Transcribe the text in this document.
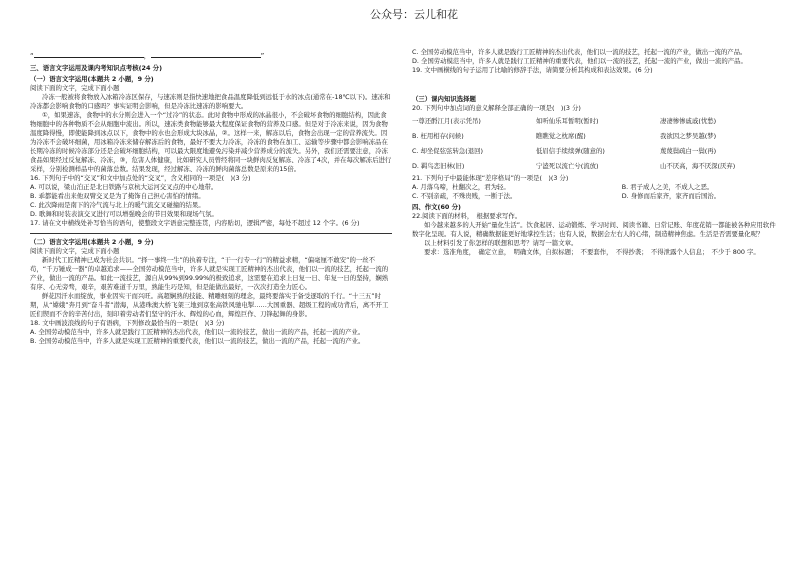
公众号：云儿和花
“	，	”

三、语言文字运用及课内考知识点考核(24 分)

（一）语言文字运用(本题共 2 小题，9 分)

阅读下面的文字，完成下面小题

冷冻一般被将食物放入冰箱冷冻区保存，与速冻则是指快速地把食品温度降低到远低于水的冰点(通常在-18℃以下)。速冻和冷冻都会影响食物的口感吗？事实证明会影响，但是冷冻比速冻的影响要大。

①，如果速冻，食物中的水分则会进入一个“过冷”的状态。此时食物中形成的冰晶很小，不会破坏食物的细胞结构，因此食物细胞中的各种物质不会从细胞中流出。所以，速冻类食物能够最大程度保证食物的营养及口感。但是对于冷冻来说，因为食物温度降得慢，即使能降到冰点以下，食物中的水也会形成大块冰晶，②。这样一来，解冻以后，食物会出现一定的营养流失。因为冷冻不会破坏细菌，用冰箱冷冻来储存解冻后的食物，最好不要大力冷冻，冷冻的食物在加工、运输等步骤中都会影响冻品在长期冷冻的时候冷冻部分还是会破坏细胞结构，可以最大限度地避免污染并减少营养成分的流失。另外，我们还需要注意，冷冻食品如果经过反复解冻、冷冻，③，危害人体健康，比如研究人员曾经将同一块鲜肉反复解冻、冷冻了4次，并在每次解冻后进行采样，分别检测样品中的菌落总数。结果发现，经过解冻、冷冻的鲜肉菌落总数是原来的15倍。

16. 下列句子中的“交叉”和文中加点处的“交叉”，含义相同的一项是(　)(3 分)

A. 可以说，梁山泊正是北日铁路与京杭大运河交叉点的中心地带。

B. 乖都能看出来他双臂交叉是为了掩饰自己担心害怕的情绪。

C. 此次降雨是南下的冷气流与北上的暖气流交叉碰撞的结果。

D. 歌舞和时装表演交叉进行可以增强晚会的节目效果和现场气氛。

17. 请在文中横线处补写恰当的语句，使整段文字语意完整连贯，内容贴切，逻辑严密，每处不超过 12 个字。(6 分)

（二）语言文字运用(本题共 2 小题，9 分)

阅读下面的文字，完成下面小题

新时代工匠精神已成为社会共识。“择一事终一生”的执着专注，“干一行专一行”的精益求精，“偏毫厘不敢安”的一丝不苟，“千万锤成一器”的卓越追求——全国劳动模范当中，许多人就是实现工匠精神的杰出代表，他们以一流的技艺，托起一流的产业，做出一流的产品。如此一流技艺，源自从99%到99.99%的极致追求，这需要在追求上日复一日、年复一日的坚持，娴熟有序、心无旁骛，艰辛，艰苦难道千万里，熟能生巧是知，但是能做出最好，一次次打造全力匠心。

鲜花因汗水而绽放，事业因实干而兴旺。高超娴熟的技能、精雕细刻的理念，最终要落实于备受逐取的千行。“十三五”时期，从“嫦娥”奔月到“奋斗者”潜海，从港珠澳大桥飞架三地到京张高铁风驰电掣……大国重器、超级工程的成功背后，离不开工匠们锲而不舍的辛苦付出，刻印着劳动者们坚守的汗水、辉煌的心血，辉煌巨作、刀锋起舞的身影。

18. 文中画波浪线的句子有语病，下列修改最恰当的一项是(　)(3 分)

A. 全国劳动模范当中，许多人就是践行工匠精神的杰出代表，他们以一流的技艺，做出一流的产品，托起一流的产业。

B. 全国劳动模范当中，许多人就是实现工匠精神的重要代表，他们以一流的技艺，做出一流的产品，托起一流的产业。

C. 全国劳动模范当中，许多人就是践行工匠精神的杰出代表，他们以一流的技艺，托起一流的产业，做出一流的产品。

D. 全国劳动模范当中，许多人就是践行工匠精神的重要代表，他们以一流的技艺，托起一流的产业，做出一流的产品。

19. 文中画横线的句子运用了比喻的修辞手法，请简要分析其构成和表达效果。(6 分)

（三）课内知识选择题

20. 下列句中加点词的意义解释全部正确的一项是(　)(3 分)

一尊还酹江月(表示凭吊)	如听仙乐耳暂明(暂时)	凄凄惨惨戚戚(忧愁)
B. 枉用相存(问候)	瞧瞧觉之枕席(醒)	我欲因之梦吴越(梦)
C. 却坐促弦弦转急(退回)	低眉信手续续弹(随意的)	蔑蔑鬓疏白一鬓(再)
D. 羁鸟恋旧林(旧)	宁溘死以流亡兮(流放)	山不厌高，海不厌深(厌弃)

21. 下列句子中最能体现“差序格局”的一项是(　)(3 分)

A. 月落乌啼，杜翻次之，君为轻。	B. 君子成人之美，不成人之恶。
C. 不别亲疏，不殊贵贱，一断于法。	D. 身修而后家齐，家齐而后国治。

四、作文(60 分)

22.阅读下面的材料，　根据要求写作。

如今越来越多的人开始“量化生活”。饮食起居、运动锻炼、学习时间、阅读书籍、日常记账、年度花销一都能被各种应用软件数字化呈现。有人说，精确数据能更好地掌控生活；也有人说，数据会左右人的心绪，制造精神焦虑。生活是否需要量化呢？

以上材料引发了你怎样的联想和思考？请写一篇文章。

要求：选准角度，　确定立意，　明确文体，自拟标题；　不要套作，　不得抄袭；　不得泄露个人信息；　不少于 800 字。
